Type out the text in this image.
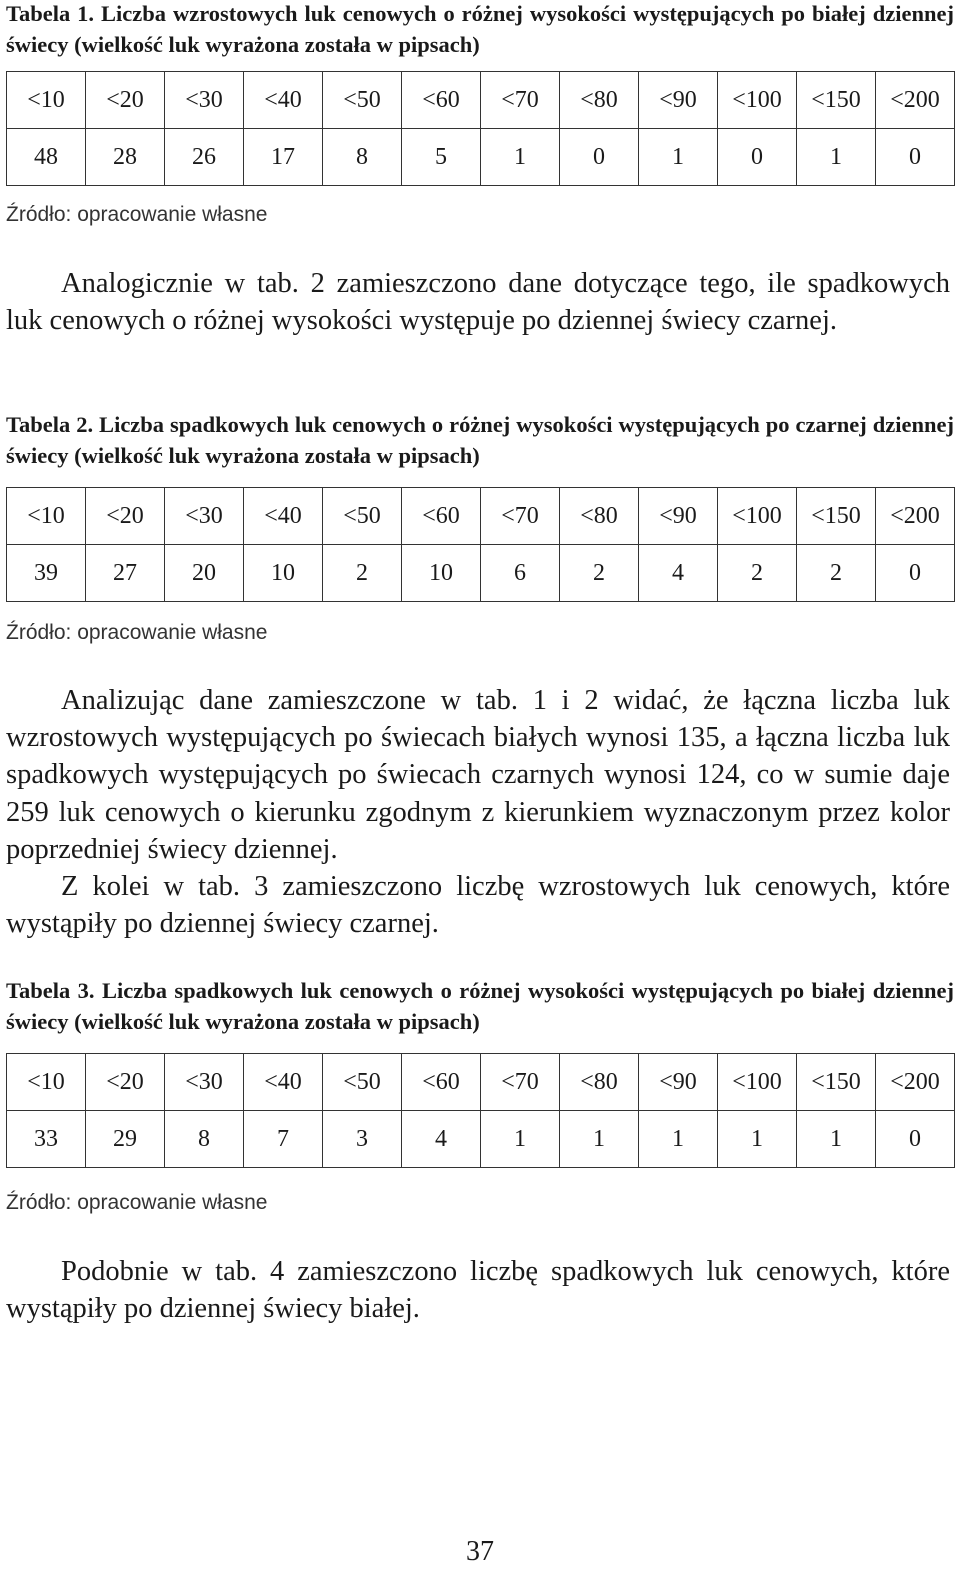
Tabela 1. Liczba wzrostowych luk cenowych o różnej wysokości występujących po białej dziennej świecy (wielkość luk wyrażona została w pipsach)

<10	<20	<30	<40	<50	<60	<70	<80	<90	<100	<150	<200
48	28	26	17	8	5	1	0	1	0	1	0

Źródło: opracowanie własne

Analogicznie w tab. 2 zamieszczono dane dotyczące tego, ile spadkowych luk cenowych o różnej wysokości występuje po dziennej świecy czarnej.

Tabela 2. Liczba spadkowych luk cenowych o różnej wysokości występujących po czarnej dziennej świecy (wielkość luk wyrażona została w pipsach)

<10	<20	<30	<40	<50	<60	<70	<80	<90	<100	<150	<200
39	27	20	10	2	10	6	2	4	2	2	0

Źródło: opracowanie własne

Analizując dane zamieszczone w tab. 1 i 2 widać, że łączna liczba luk wzrostowych występujących po świecach białych wynosi 135, a łączna liczba luk spadkowych występujących po świecach czarnych wynosi 124, co w sumie daje 259 luk cenowych o kierunku zgodnym z kierunkiem wyznaczonym przez kolor poprzedniej świecy dziennej.

Z kolei w tab. 3 zamieszczono liczbę wzrostowych luk cenowych, które wystąpiły po dziennej świecy czarnej.

Tabela 3. Liczba spadkowych luk cenowych o różnej wysokości występujących po białej dziennej świecy (wielkość luk wyrażona została w pipsach)

<10	<20	<30	<40	<50	<60	<70	<80	<90	<100	<150	<200
33	29	8	7	3	4	1	1	1	1	1	0

Źródło: opracowanie własne

Podobnie w tab. 4 zamieszczono liczbę spadkowych luk cenowych, które wystąpiły po dziennej świecy białej.

37
